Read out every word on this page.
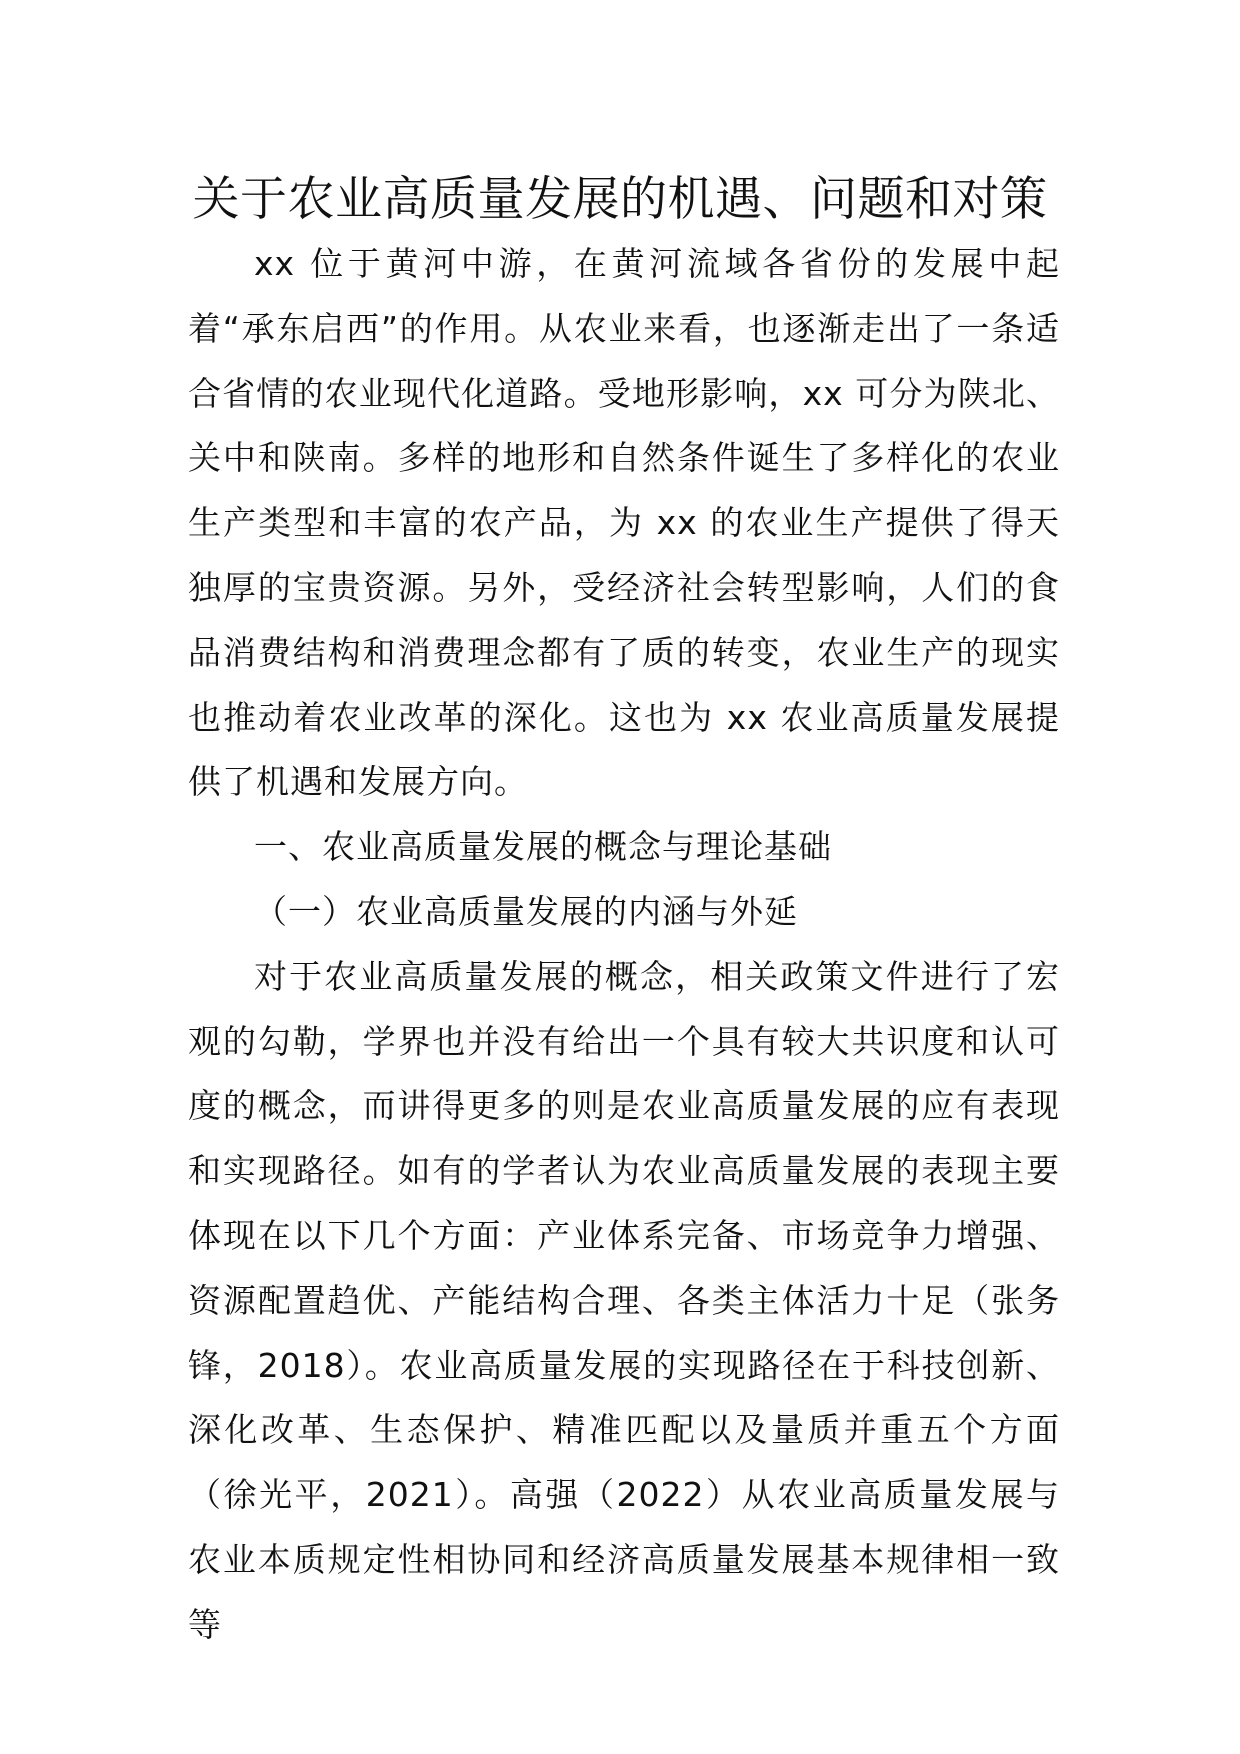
关于农业高质量发展的机遇、问题和对策

xx 位于黄河中游，在黄河流域各省份的发展中起着“承东启西”的作用。从农业来看，也逐渐走出了一条适合省情的农业现代化道路。受地形影响，xx 可分为陕北、关中和陕南。多样的地形和自然条件诞生了多样化的农业生产类型和丰富的农产品，为 xx 的农业生产提供了得天独厚的宝贵资源。另外，受经济社会转型影响，人们的食品消费结构和消费理念都有了质的转变，农业生产的现实也推动着农业改革的深化。这也为 xx 农业高质量发展提供了机遇和发展方向。

一、农业高质量发展的概念与理论基础

（一）农业高质量发展的内涵与外延

对于农业高质量发展的概念，相关政策文件进行了宏观的勾勒，学界也并没有给出一个具有较大共识度和认可度的概念，而讲得更多的则是农业高质量发展的应有表现和实现路径。如有的学者认为农业高质量发展的表现主要体现在以下几个方面：产业体系完备、市场竞争力增强、资源配置趋优、产能结构合理、各类主体活力十足（张务锋，2018）。农业高质量发展的实现路径在于科技创新、深化改革、生态保护、精准匹配以及量质并重五个方面（徐光平，2021）。高强（2022）从农业高质量发展与农业本质规定性相协同和经济高质量发展基本规律相一致等
